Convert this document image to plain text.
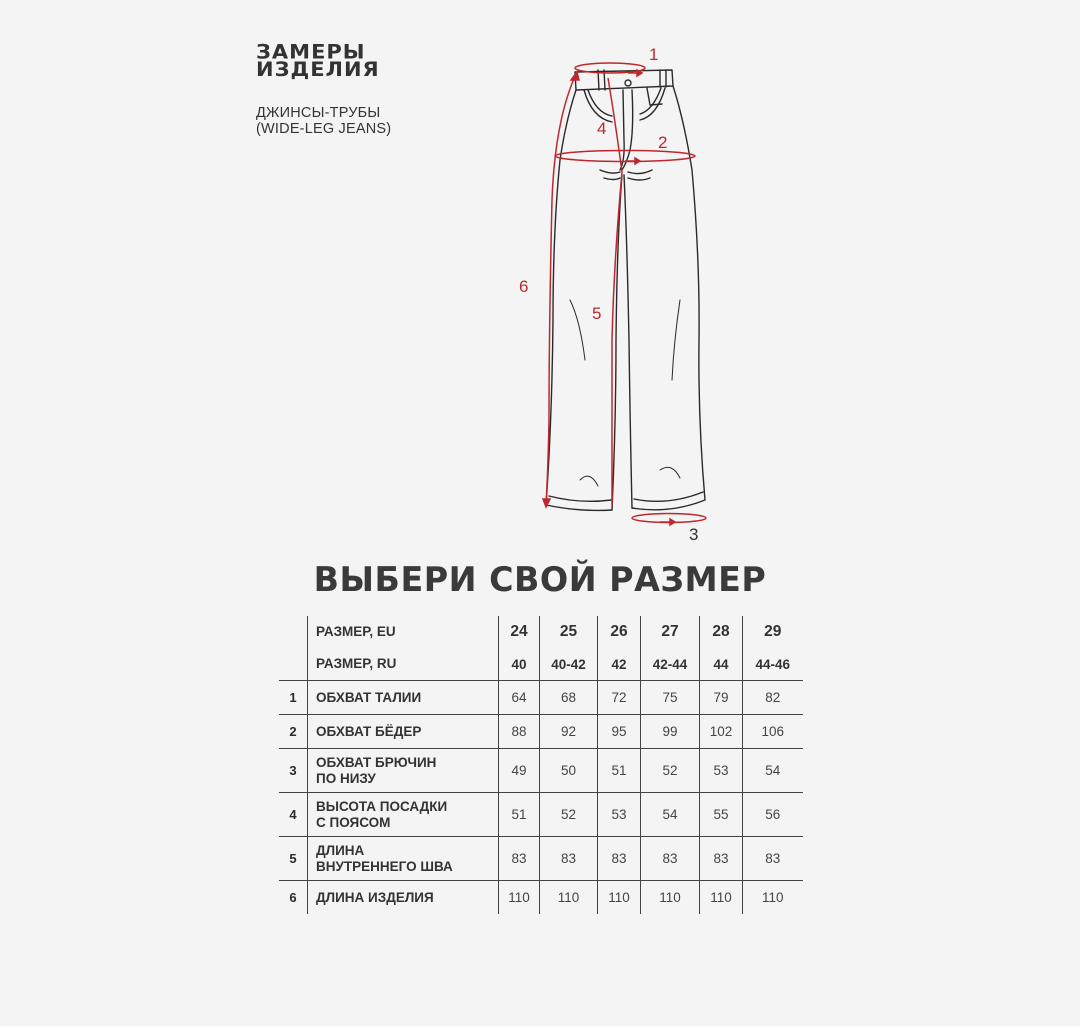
ЗАМЕРЫ
ИЗДЕЛИЯ
ДЖИНСЫ-ТРУБЫ
(WIDE-LEG JEANS)
1
2
4
6
5
3
ВЫБЕРИ СВОЙ РАЗМЕР
	РАЗМЕР, EU	24	25	26	27	28	29
	РАЗМЕР, RU	40	40-42	42	42-44	44	44-46
1	ОБХВАТ ТАЛИИ	64	68	72	75	79	82
2	ОБХВАТ БЁДЕР	88	92	95	99	102	106
3	ОБХВАТ БРЮЧИН
ПО НИЗУ	49	50	51	52	53	54
4	ВЫСОТА ПОСАДКИ
С ПОЯСОМ	51	52	53	54	55	56
5	ДЛИНА
ВНУТРЕННЕГО ШВА	83	83	83	83	83	83
6	ДЛИНА ИЗДЕЛИЯ	110	110	110	110	110	110
